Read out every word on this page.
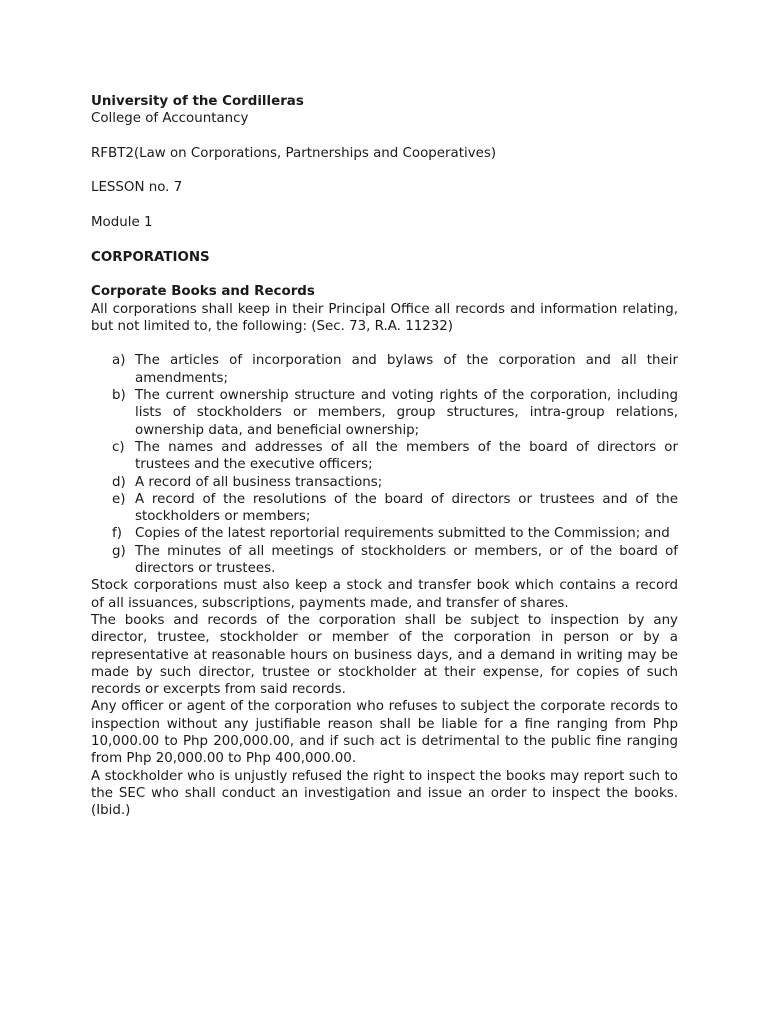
University of the Cordilleras
College of Accountancy
RFBT2(Law on Corporations, Partnerships and Cooperatives)
LESSON no. 7
Module 1
CORPORATIONS
Corporate Books and Records

All corporations shall keep in their Principal Office all records and information relating, but not limited to, the following: (Sec. 73, R.A. 11232)

a) The articles of incorporation and bylaws of the corporation and all their amendments;
b) The current ownership structure and voting rights of the corporation, including lists of stockholders or members, group structures, intra-group relations, ownership data, and beneficial ownership;
c) The names and addresses of all the members of the board of directors or trustees and the executive officers;
d) A record of all business transactions;
e) A record of the resolutions of the board of directors or trustees and of the stockholders or members;
f) Copies of the latest reportorial requirements submitted to the Commission; and
g) The minutes of all meetings of stockholders or members, or of the board of directors or trustees.

Stock corporations must also keep a stock and transfer book which contains a record of all issuances, subscriptions, payments made, and transfer of shares.

The books and records of the corporation shall be subject to inspection by any director, trustee, stockholder or member of the corporation in person or by a representative at reasonable hours on business days, and a demand in writing may be made by such director, trustee or stockholder at their expense, for copies of such records or excerpts from said records.

Any officer or agent of the corporation who refuses to subject the corporate records to inspection without any justifiable reason shall be liable for a fine ranging from Php 10,000.00 to Php 200,000.00, and if such act is detrimental to the public fine ranging from Php 20,000.00 to Php 400,000.00.

A stockholder who is unjustly refused the right to inspect the books may report such to the SEC who shall conduct an investigation and issue an order to inspect the books. (Ibid.)
